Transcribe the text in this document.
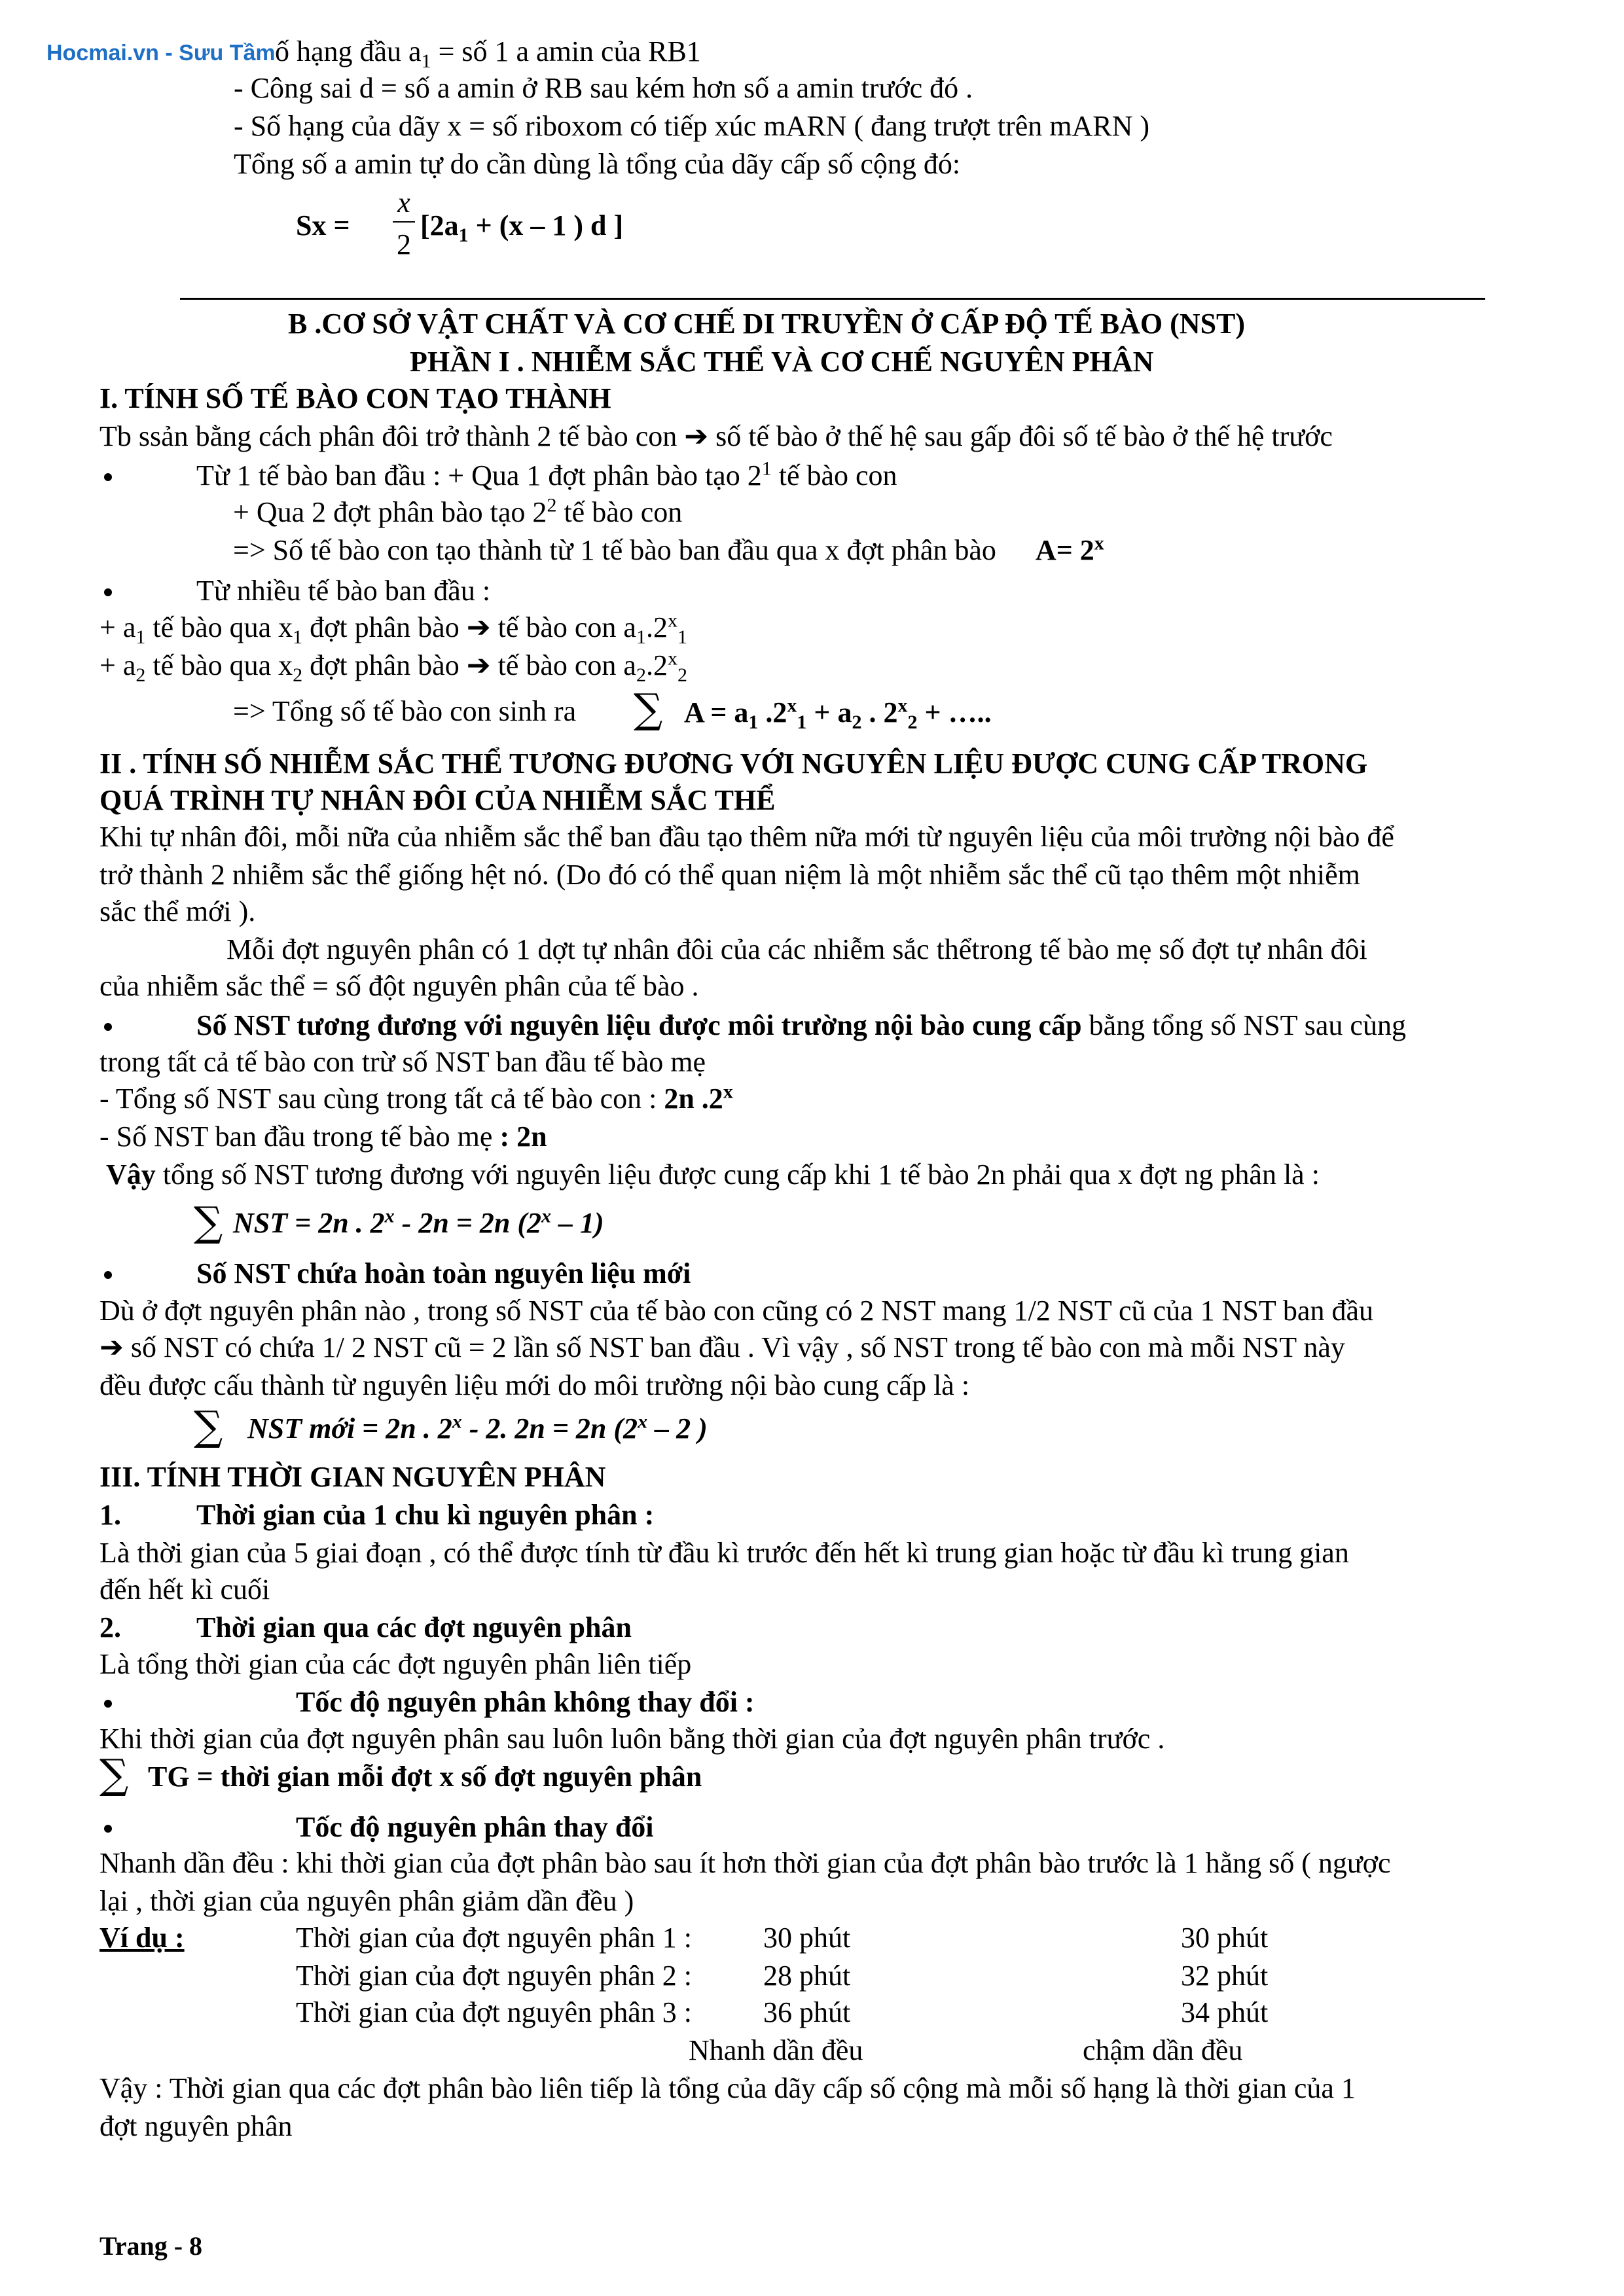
Hocmai.vn - Sưu Tầm ố hạng đầu $a_1$ = số 1 a amin của RB1
- Công sai d = số a amin ở RB sau kém hơn số a amin trước đó .
- Số hạng của dãy x = số riboxom có tiếp xúc mARN ( đang trượt trên mARN )
Tổng số a amin tự do cần dùng là tổng của dãy cấp số cộng đó:
Sx =
x
2
[$2a_1 + (x - 1$ ) d ]
B .CƠ SỞ VẬT CHẤT VÀ CƠ CHẾ DI TRUYỀN Ở CẤP ĐỘ TẾ BÀO (NST)
PHẦN I . NHIỄM SẮC THỂ VÀ CƠ CHẾ NGUYÊN PHÂN
I. TÍNH SỐ TẾ BÀO CON TẠO THÀNH
Tb ssản bằng cách phân đôi trở thành 2 tế bào con ➔ số tế bào ở thế hệ sau gấp đôi số tế bào ở thế hệ trước
Từ 1 tế bào ban đầu : + Qua 1 đợt phân bào tạo $2^1$ tế bào con
+ Qua 2 đợt phân bào tạo $2^2$ tế bào con
=> Số tế bào con tạo thành từ 1 tế bào ban đầu qua x đợt phân bào $A= 2^x$
Từ nhiều tế bào ban đầu :
+ $a_1$ tế bào qua $x_1$ đợt phân bào ➔ tế bào con $a_1.2^x_1$
+ $a_2$ tế bào qua $x_2$ đợt phân bào ➔ tế bào con $a_2.2^x_2$
=> Tổng số tế bào con sinh ra ∑ $A = a_1$ $.2^x_1 + a_2$ . $2^x_2$ + …..
II . TÍNH SỐ NHIỄM SẮC THỂ TƯƠNG ĐƯƠNG VỚI NGUYÊN LIỆU ĐƯỢC CUNG CẤP TRONG
QUÁ TRÌNH TỰ NHÂN ĐÔI CỦA NHIỄM SẮC THỂ
Khi tự nhân đôi, mỗi nữa của nhiễm sắc thể ban đầu tạo thêm nữa mới từ nguyên liệu của môi trường nội bào để
trở thành 2 nhiễm sắc thể giống hệt nó. (Do đó có thể quan niệm là một nhiễm sắc thể cũ tạo thêm một nhiễm
sắc thể mới ).
Mỗi đợt nguyên phân có 1 dợt tự nhân đôi của các nhiễm sắc thểtrong tế bào mẹ số đợt tự nhân đôi
của nhiễm sắc thể = số đột nguyên phân của tế bào .
Số NST tương đương với nguyên liệu được môi trường nội bào cung cấp bằng tổng số NST sau cùng
trong tất cả tế bào con trừ số NST ban đầu tế bào mẹ
- Tổng số NST sau cùng trong tất cả tế bào con : 2n .2$^x$
- Số NST ban đầu trong tế bào mẹ : 2n
Vậy tổng số NST tương đương với nguyên liệu được cung cấp khi 1 tế bào 2n phải qua x đợt ng phân là :
∑ NST = 2n . 2$^x$ - 2n = 2n (2$^x$ – 1)
Số NST chứa hoàn toàn nguyên liệu mới
Dù ở đợt nguyên phân nào , trong số NST của tế bào con cũng có 2 NST mang 1/2 NST cũ của 1 NST ban đầu
➔ số NST có chứa 1/ 2 NST cũ = 2 lần số NST ban đầu . Vì vậy , số NST trong tế bào con mà mỗi NST này
đều được cấu thành từ nguyên liệu mới do môi trường nội bào cung cấp là :
∑ NST mới = 2n . 2$^x$ - 2. 2n = 2n (2$^x$ – 2 )
III. TÍNH THỜI GIAN NGUYÊN PHÂN
1.	Thời gian của 1 chu kì nguyên phân :
Là thời gian của 5 giai đoạn , có thể được tính từ đầu kì trước đến hết kì trung gian hoặc từ đầu kì trung gian
đến hết kì cuối
2.	Thời gian qua các đợt nguyên phân
Là tổng thời gian của các đợt nguyên phân liên tiếp
Tốc độ nguyên phân không thay đổi :
Khi thời gian của đợt nguyên phân sau luôn luôn bằng thời gian của đợt nguyên phân trước .
∑ TG = thời gian mỗi đợt x số đợt nguyên phân
Tốc độ nguyên phân thay đổi
Nhanh dần đều : khi thời gian của đợt phân bào sau ít hơn thời gian của đợt phân bào trước là 1 hằng số ( ngược
lại , thời gian của nguyên phân giảm dần đều )
Ví dụ :	Thời gian của đợt nguyên phân 1 : 30 phút	30 phút
Thời gian của đợt nguyên phân 2 : 28 phút	32 phút
Thời gian của đợt nguyên phân 3 : 36 phút	34 phút
Nhanh dần đều	chậm dần đều
Vậy : Thời gian qua các đợt phân bào liên tiếp là tổng của dãy cấp số cộng mà mỗi số hạng là thời gian của 1
đợt nguyên phân
Trang - 8
